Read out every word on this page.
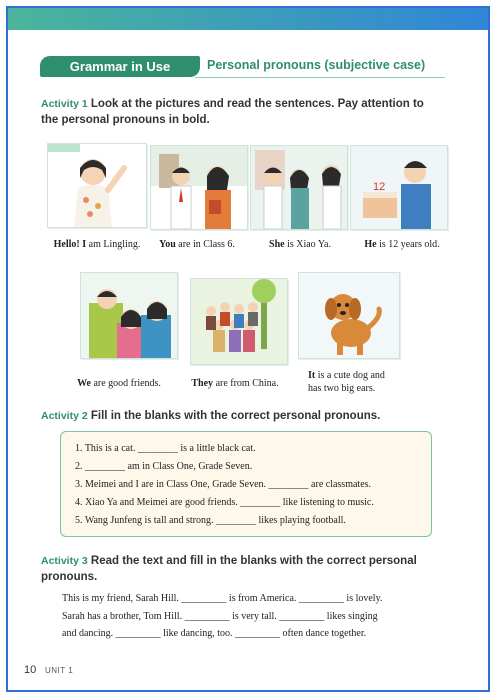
Grammar in Use	Personal pronouns (subjective case)
Activity 1 Look at the pictures and read the sentences. Pay attention to
the personal pronouns in bold.
12
Hello! I am Lingling.	You are in Class 6.	She is Xiao Ya.	He is 12 years old.
We are good friends.	They are from China.
It is a cute dog and
has two big ears.
Activity 2 Fill in the blanks with the correct personal pronouns.
1. This is a cat. ________ is a little black cat.
2. ________ am in Class One, Grade Seven.
3. Meimei and I are in Class One, Grade Seven. ________ are classmates.
4. Xiao Ya and Meimei are good friends. ________ like listening to music.
5. Wang Junfeng is tall and strong. ________ likes playing football.
Activity 3 Read the text and fill in the blanks with the correct personal
pronouns.
This is my friend, Sarah Hill. _________ is from America. _________ is lovely.
Sarah has a brother, Tom Hill. _________ is very tall. _________ likes singing
and dancing. _________ like dancing, too. _________ often dance together.
10 UNIT 1
